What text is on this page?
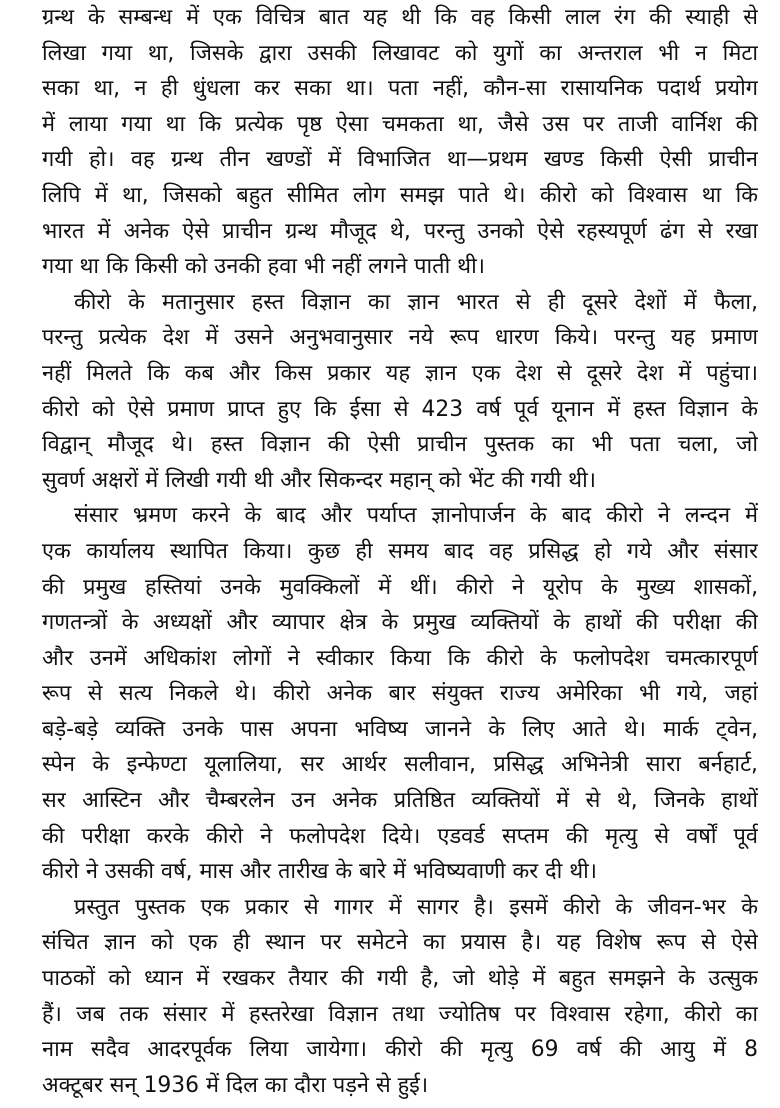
ग्रन्थ के सम्बन्ध में एक विचित्र बात यह थी कि वह किसी लाल रंग की स्याही से
लिखा गया था, जिसके द्वारा उसकी लिखावट को युगों का अन्तराल भी न मिटा
सका था, न ही धुंधला कर सका था। पता नहीं, कौन-सा रासायनिक पदार्थ प्रयोग
में लाया गया था कि प्रत्येक पृष्ठ ऐसा चमकता था, जैसे उस पर ताजी वार्निश की
गयी हो। वह ग्रन्थ तीन खण्डों में विभाजित था—प्रथम खण्ड किसी ऐसी प्राचीन
लिपि में था, जिसको बहुत सीमित लोग समझ पाते थे। कीरो को विश्वास था कि
भारत में अनेक ऐसे प्राचीन ग्रन्थ मौजूद थे, परन्तु उनको ऐसे रहस्यपूर्ण ढंग से रखा
गया था कि किसी को उनकी हवा भी नहीं लगने पाती थी।
कीरो के मतानुसार हस्त विज्ञान का ज्ञान भारत से ही दूसरे देशों में फैला,
परन्तु प्रत्येक देश में उसने अनुभवानुसार नये रूप धारण किये। परन्तु यह प्रमाण
नहीं मिलते कि कब और किस प्रकार यह ज्ञान एक देश से दूसरे देश में पहुंचा।
कीरो को ऐसे प्रमाण प्राप्त हुए कि ईसा से 423 वर्ष पूर्व यूनान में हस्त विज्ञान के
विद्वान् मौजूद थे। हस्त विज्ञान की ऐसी प्राचीन पुस्तक का भी पता चला, जो
सुवर्ण अक्षरों में लिखी गयी थी और सिकन्दर महान् को भेंट की गयी थी।
संसार भ्रमण करने के बाद और पर्याप्त ज्ञानोपार्जन के बाद कीरो ने लन्दन में
एक कार्यालय स्थापित किया। कुछ ही समय बाद वह प्रसिद्ध हो गये और संसार
की प्रमुख हस्तियां उनके मुवक्किलों में थीं। कीरो ने यूरोप के मुख्य शासकों,
गणतन्त्रों के अध्यक्षों और व्यापार क्षेत्र के प्रमुख व्यक्तियों के हाथों की परीक्षा की
और उनमें अधिकांश लोगों ने स्वीकार किया कि कीरो के फलोपदेश चमत्कारपूर्ण
रूप से सत्य निकले थे। कीरो अनेक बार संयुक्त राज्य अमेरिका भी गये, जहां
बड़े-बड़े व्यक्ति उनके पास अपना भविष्य जानने के लिए आते थे। मार्क ट्वेन,
स्पेन के इन्फेण्टा यूलालिया, सर आर्थर सलीवान, प्रसिद्ध अभिनेत्री सारा बर्नहार्ट,
सर आस्टिन और चैम्बरलेन उन अनेक प्रतिष्ठित व्यक्तियों में से थे, जिनके हाथों
की परीक्षा करके कीरो ने फलोपदेश दिये। एडवर्ड सप्तम की मृत्यु से वर्षों पूर्व
कीरो ने उसकी वर्ष, मास और तारीख के बारे में भविष्यवाणी कर दी थी।
प्रस्तुत पुस्तक एक प्रकार से गागर में सागर है। इसमें कीरो के जीवन-भर के
संचित ज्ञान को एक ही स्थान पर समेटने का प्रयास है। यह विशेष रूप से ऐसे
पाठकों को ध्यान में रखकर तैयार की गयी है, जो थोड़े में बहुत समझने के उत्सुक
हैं। जब तक संसार में हस्तरेखा विज्ञान तथा ज्योतिष पर विश्वास रहेगा, कीरो का
नाम सदैव आदरपूर्वक लिया जायेगा। कीरो की मृत्यु 69 वर्ष की आयु में 8
अक्टूबर सन् 1936 में दिल का दौरा पड़ने से हुई।
